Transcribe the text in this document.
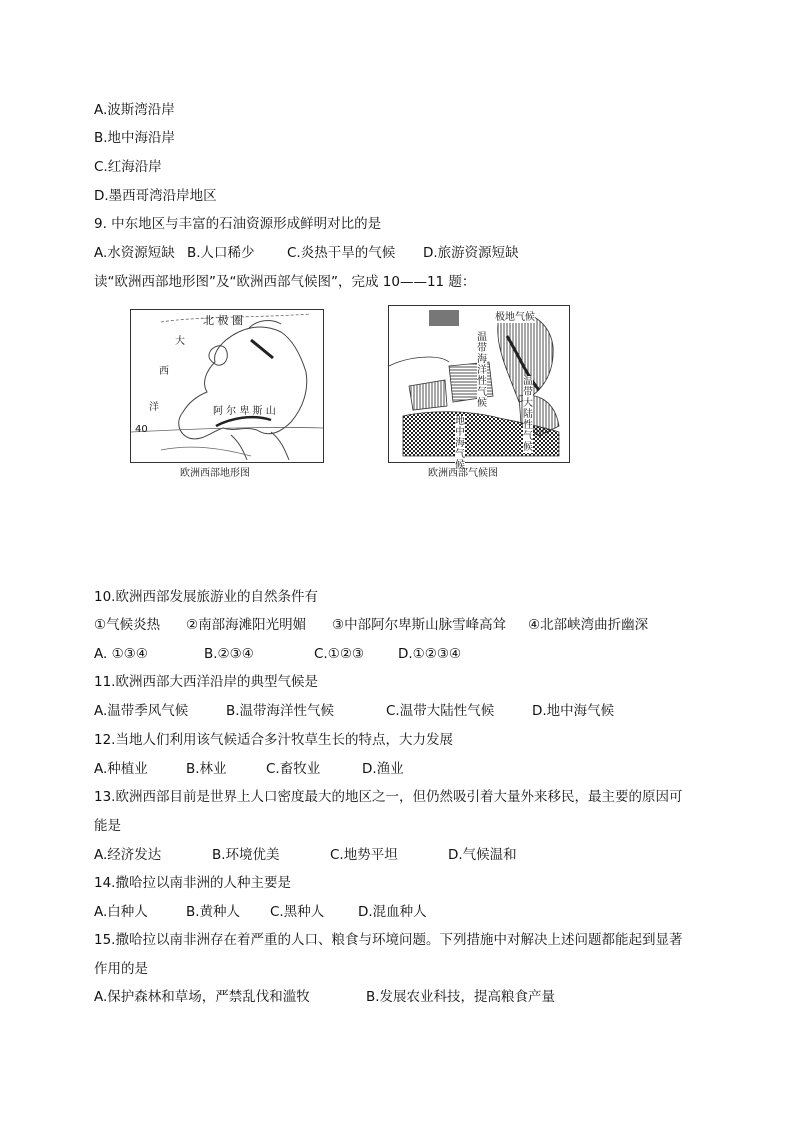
A.波斯湾沿岸
B.地中海沿岸
C.红海沿岸
D.墨西哥湾沿岸地区
9. 中东地区与丰富的石油资源形成鲜明对比的是
A.水资源短缺 B.人口稀少 C.炎热干旱的气候 D.旅游资源短缺
读“欧洲西部地形图”及“欧洲西部气候图”，完成 10——11 题：
大
西
洋
北 极 圈
阿 尔 卑 斯 山
40
欧洲西部地形图
极地气候
温带海洋性气候
温带大陆性气候
地中海气候
欧洲西部气候图
10.欧洲西部发展旅游业的自然条件有
①气候炎热 ②南部海滩阳光明媚 ③中部阿尔卑斯山脉雪峰高耸 ④北部峡湾曲折幽深
A. ①③④	B.②③④	C.①②③	D.①②③④
11.欧洲西部大西洋沿岸的典型气候是
A.温带季风气候	B.温带海洋性气候	C.温带大陆性气候	D.地中海气候
12.当地人们利用该气候适合多汁牧草生长的特点，大力发展
A.种植业	B.林业	C.畜牧业	D.渔业
13.欧洲西部目前是世界上人口密度最大的地区之一，但仍然吸引着大量外来移民，最主要的原因可
能是
A.经济发达	B.环境优美	C.地势平坦	D.气候温和
14.撒哈拉以南非洲的人种主要是
A.白种人	B.黄种人 C.黑种人	D.混血种人
15.撒哈拉以南非洲存在着严重的人口、粮食与环境问题。下列措施中对解决上述问题都能起到显著
作用的是
A.保护森林和草场，严禁乱伐和滥牧	B.发展农业科技，提高粮食产量
